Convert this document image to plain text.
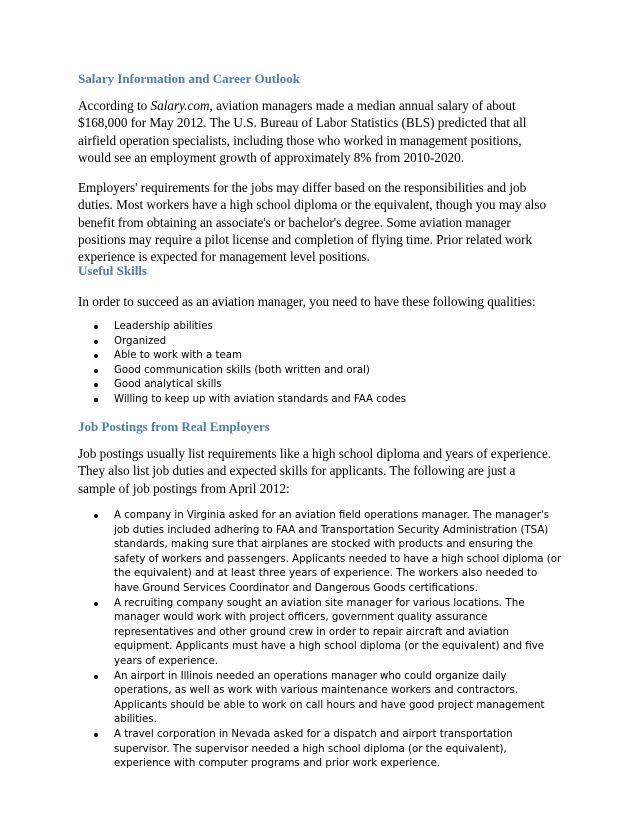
Salary Information and Career Outlook

According to Salary.com, aviation managers made a median annual salary of about $168,000 for May 2012. The U.S. Bureau of Labor Statistics (BLS) predicted that all airfield operation specialists, including those who worked in management positions, would see an employment growth of approximately 8% from 2010-2020.

Employers' requirements for the jobs may differ based on the responsibilities and job duties. Most workers have a high school diploma or the equivalent, though you may also benefit from obtaining an associate's or bachelor's degree. Some aviation manager positions may require a pilot license and completion of flying time. Prior related work experience is expected for management level positions.

Useful Skills

In order to succeed as an aviation manager, you need to have these following qualities:

Leadership abilities
Organized
Able to work with a team
Good communication skills (both written and oral)
Good analytical skills
Willing to keep up with aviation standards and FAA codes
Job Postings from Real Employers

Job postings usually list requirements like a high school diploma and years of experience. They also list job duties and expected skills for applicants. The following are just a sample of job postings from April 2012:

A company in Virginia asked for an aviation field operations manager. The manager's job duties included adhering to FAA and Transportation Security Administration (TSA) standards, making sure that airplanes are stocked with products and ensuring the safety of workers and passengers. Applicants needed to have a high school diploma (or the equivalent) and at least three years of experience. The workers also needed to have Ground Services Coordinator and Dangerous Goods certifications.
A recruiting company sought an aviation site manager for various locations. The manager would work with project officers, government quality assurance representatives and other ground crew in order to repair aircraft and aviation equipment. Applicants must have a high school diploma (or the equivalent) and five years of experience.
An airport in Illinois needed an operations manager who could organize daily operations, as well as work with various maintenance workers and contractors. Applicants should be able to work on call hours and have good project management abilities.
A travel corporation in Nevada asked for a dispatch and airport transportation supervisor. The supervisor needed a high school diploma (or the equivalent), experience with computer programs and prior work experience.
